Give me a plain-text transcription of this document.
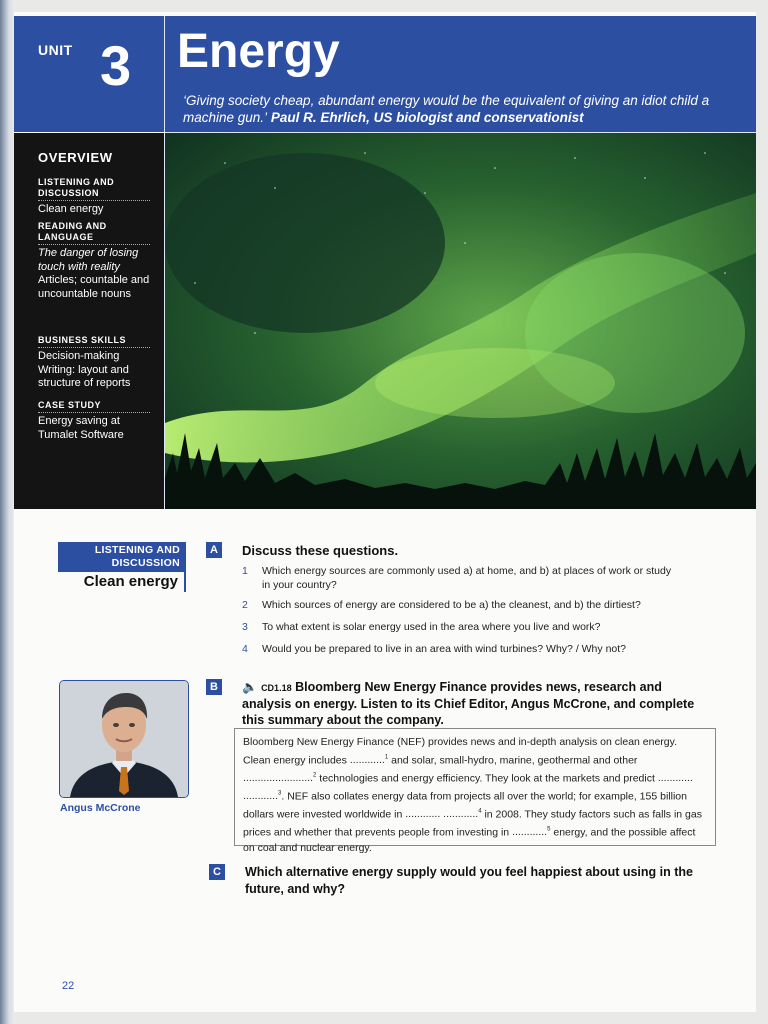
UNIT 3 Energy
‘Giving society cheap, abundant energy would be the equivalent of giving an idiot child a machine gun.’ Paul R. Ehrlich, US biologist and conservationist
OVERVIEW
LISTENING AND DISCUSSION
Clean energy
READING AND LANGUAGE
The danger of losing touch with reality
Articles; countable and uncountable nouns
BUSINESS SKILLS
Decision-making
Writing: layout and structure of reports
CASE STUDY
Energy saving at Tumalet Software
LISTENING AND DISCUSSION
Clean energy
A	Discuss these questions.
1	Which energy sources are commonly used a) at home, and b) at places of work or study in your country?
2	Which sources of energy are considered to be a) the cleanest, and b) the dirtiest?
3	To what extent is solar energy used in the area where you live and work?
4	Would you be prepared to live in an area with wind turbines? Why? / Why not?
Angus McCrone
B	🔈 CD1.18 Bloomberg New Energy Finance provides news, research and analysis on energy. Listen to its Chief Editor, Angus McCrone, and complete this summary about the company.
Bloomberg New Energy Finance (NEF) provides news and in-depth analysis on clean energy. Clean energy includes ............$^1$ and solar, small-hydro, marine, geothermal and other ........................$^2$ technologies and energy efficiency. They look at the markets and predict ............ ............$^3$. NEF also collates energy data from projects all over the world; for example, 155 billion dollars were invested worldwide in ............ ............$^4$ in 2008. They study factors such as falls in gas prices and whether that prevents people from investing in ............$^5$ energy, and the possible affect on coal and nuclear energy.
C	Which alternative energy supply would you feel happiest about using in the future, and why?
22
